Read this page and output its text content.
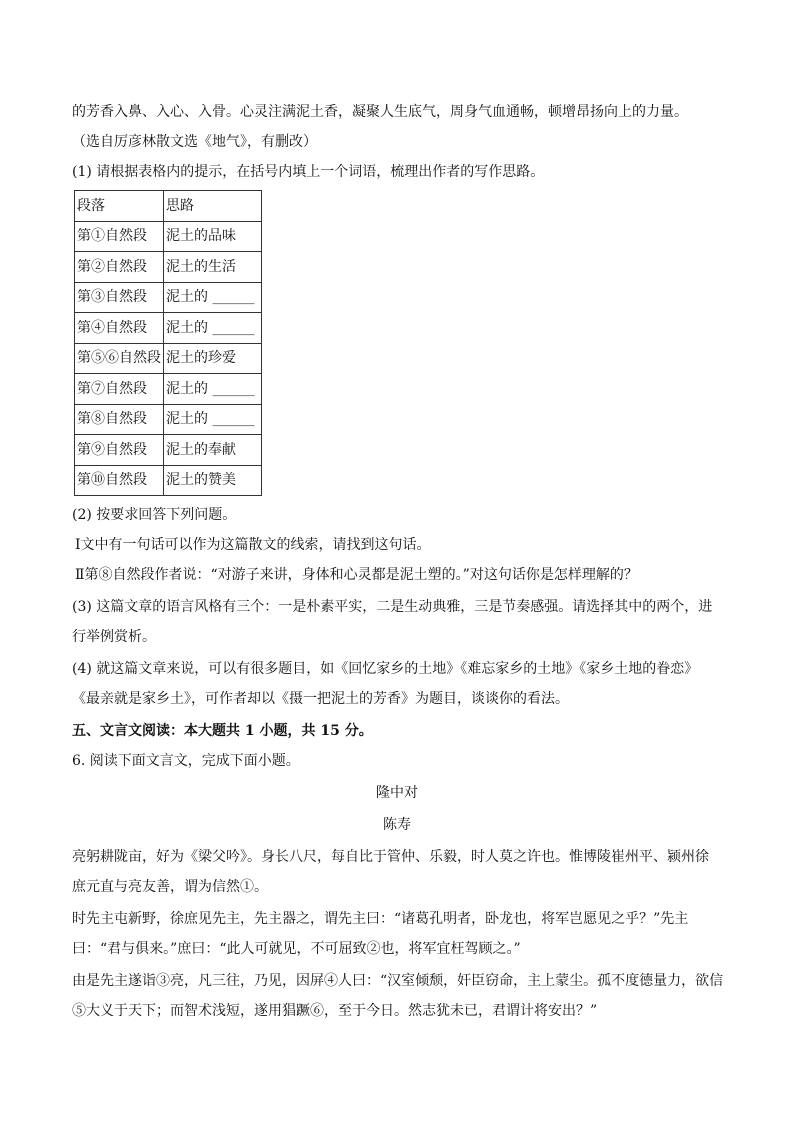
的芳香入鼻、入心、入骨。心灵注满泥土香，凝聚人生底气，周身气血通畅，顿增昂扬向上的力量。
（选自厉彦林散文选《地气》，有删改）
(1) 请根据表格内的提示，在括号内填上一个词语，梳理出作者的写作思路。
段落	思路
第①自然段	泥土的品味
第②自然段	泥土的生活
第③自然段	泥土的 ______
第④自然段	泥土的 ______
第⑤⑥自然段	泥土的珍爱
第⑦自然段	泥土的 ______
第⑧自然段	泥土的 ______
第⑨自然段	泥土的奉献
第⑩自然段	泥土的赞美
(2) 按要求回答下列问题。
Ⅰ文中有一句话可以作为这篇散文的线索，请找到这句话。
Ⅱ第⑧自然段作者说：“对游子来讲，身体和心灵都是泥土塑的。”对这句话你是怎样理解的？
(3) 这篇文章的语言风格有三个：一是朴素平实，二是生动典雅，三是节奏感强。请选择其中的两个，进
行举例赏析。
(4) 就这篇文章来说，可以有很多题目，如《回忆家乡的土地》《难忘家乡的土地》《家乡土地的眷恋》
《最亲就是家乡土》，可作者却以《摄一把泥土的芳香》为题目，谈谈你的看法。
五、文言文阅读：本大题共 1 小题，共 15 分。
6. 阅读下面文言文，完成下面小题。
隆中对
陈寿
亮躬耕陇亩，好为《梁父吟》。身长八尺，每自比于管仲、乐毅，时人莫之许也。惟博陵崔州平、颍州徐
庶元直与亮友善，谓为信然①。
时先主屯新野，徐庶见先主，先主器之，谓先主曰：“诸葛孔明者，卧龙也，将军岂愿见之乎？”先主
曰：“君与俱来。”庶曰：“此人可就见，不可屈致②也，将军宜枉驾顾之。”
由是先主遂诣③亮，凡三往，乃见，因屏④人曰：“汉室倾颓，奸臣窃命，主上蒙尘。孤不度德量力，欲信
⑤大义于天下；而智术浅短，遂用猖蹶⑥，至于今日。然志犹未已，君谓计将安出？”
